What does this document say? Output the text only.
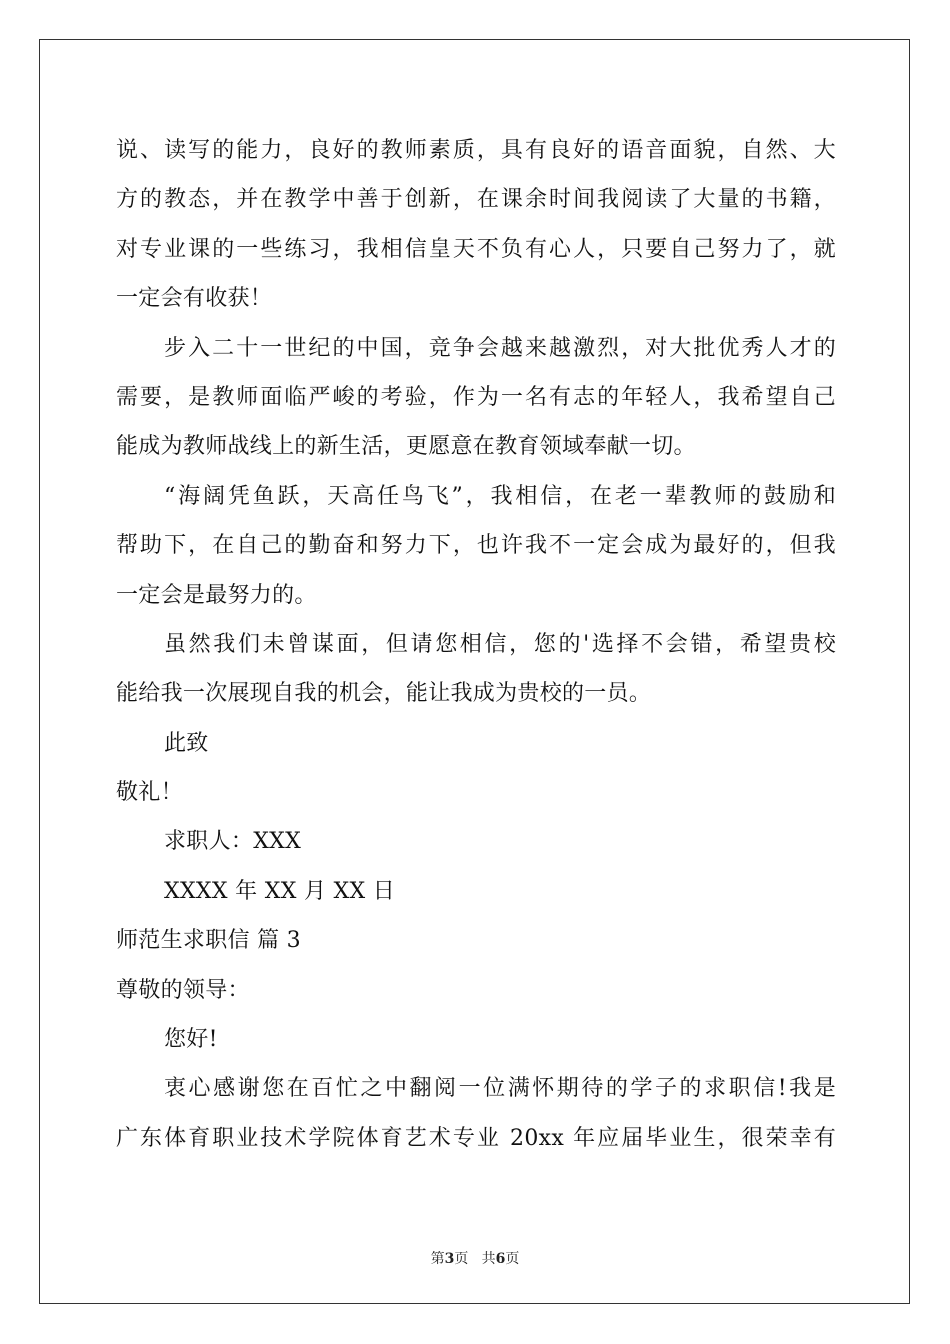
说、读写的能力，良好的教师素质，具有良好的语音面貌，自然、大
方的教态，并在教学中善于创新，在课余时间我阅读了大量的书籍，
对专业课的一些练习，我相信皇天不负有心人，只要自己努力了，就
一定会有收获！
步入二十一世纪的中国，竞争会越来越激烈，对大批优秀人才的
需要，是教师面临严峻的考验，作为一名有志的年轻人，我希望自己
能成为教师战线上的新生活，更愿意在教育领域奉献一切。
“海阔凭鱼跃，天高任鸟飞”，我相信，在老一辈教师的鼓励和
帮助下，在自己的勤奋和努力下，也许我不一定会成为最好的，但我
一定会是最努力的。
虽然我们未曾谋面，但请您相信，您的'选择不会错，希望贵校
能给我一次展现自我的机会，能让我成为贵校的一员。
此致
敬礼！
求职人：XXX
XXXX 年 XX 月 XX 日
师范生求职信 篇 3
尊敬的领导：
您好!
衷心感谢您在百忙之中翻阅一位满怀期待的学子的求职信!我是
广东体育职业技术学院体育艺术专业 20xx 年应届毕业生，很荣幸有
第3页 共6页
